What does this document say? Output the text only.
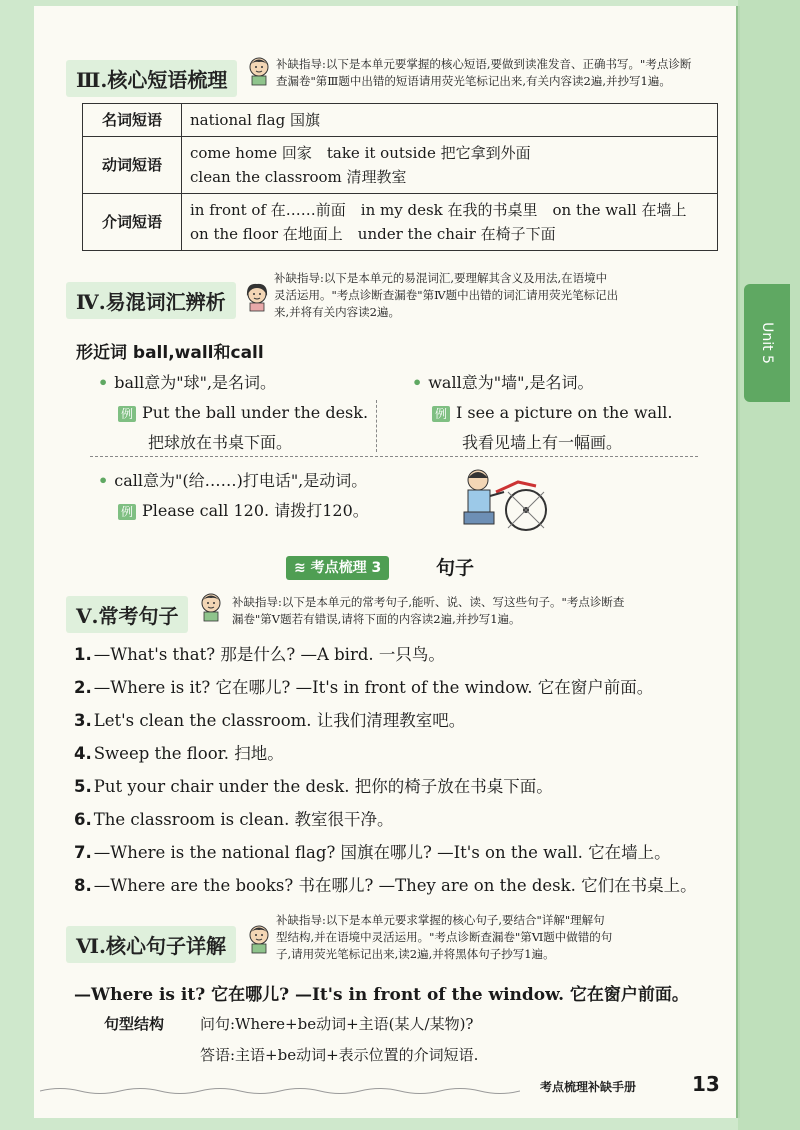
Unit 5
Ⅲ.核心短语梳理
补缺指导:以下是本单元要掌握的核心短语,要做到读准发音、正确书写。"考点诊断
查漏卷"第Ⅲ题中出错的短语请用荧光笔标记出来,有关内容读2遍,并抄写1遍。
名词短语	national flag 国旗

动词短语	come home 回家　take it outside 把它拿到外面
clean the classroom 清理教室

介词短语	in front of 在……前面　in my desk 在我的书桌里　on the wall 在墙上
on the floor 在地面上　under the chair 在椅子下面
Ⅳ.易混词汇辨析
补缺指导:以下是本单元的易混词汇,要理解其含义及用法,在语境中
灵活运用。"考点诊断查漏卷"第Ⅳ题中出错的词汇请用荧光笔标记出
来,并将有关内容读2遍。
形近词 ball,wall和call
• ball意为"球",是名词。
例 Put the ball under the desk.
把球放在书桌下面。
• wall意为"墙",是名词。
例 I see a picture on the wall.
我看见墙上有一幅画。
• call意为"(给……)打电话",是动词。
例 Please call 120. 请拨打120。
≋ 考点梳理 3	句子
Ⅴ.常考句子
补缺指导:以下是本单元的常考句子,能听、说、读、写这些句子。"考点诊断查
漏卷"第Ⅴ题若有错误,请将下面的内容读2遍,并抄写1遍。
1. —What's that? 那是什么? —A bird. 一只鸟。
2. —Where is it? 它在哪儿? —It's in front of the window. 它在窗户前面。
3. Let's clean the classroom. 让我们清理教室吧。
4. Sweep the floor. 扫地。
5. Put your chair under the desk. 把你的椅子放在书桌下面。
6. The classroom is clean. 教室很干净。
7. —Where is the national flag? 国旗在哪儿? —It's on the wall. 它在墙上。
8. —Where are the books? 书在哪儿? —They are on the desk. 它们在书桌上。
Ⅵ.核心句子详解
补缺指导:以下是本单元要求掌握的核心句子,要结合"详解"理解句
型结构,并在语境中灵活运用。"考点诊断查漏卷"第Ⅵ题中做错的句
子,请用荧光笔标记出来,读2遍,并将黑体句子抄写1遍。
—Where is it? 它在哪儿? —It's in front of the window. 它在窗户前面。
句型结构 问句:Where+be动词+主语(某人/某物)?
答语:主语+be动词+表示位置的介词短语.
考点梳理补缺手册	13
